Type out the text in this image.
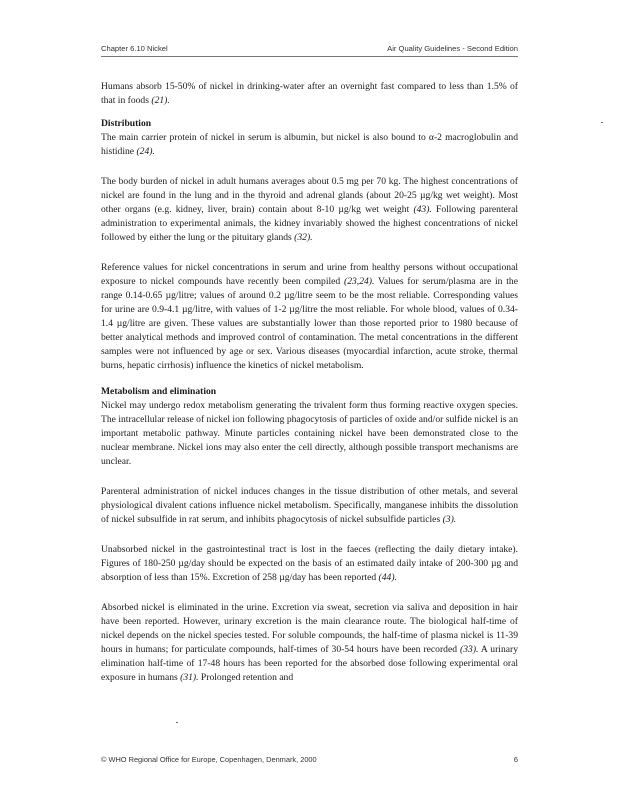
Chapter 6.10 Nickel	Air Quality Guidelines - Second Edition

Humans absorb 15-50% of nickel in drinking-water after an overnight fast compared to less than 1.5% of that in foods (21).

Distribution

The main carrier protein of nickel in serum is albumin, but nickel is also bound to α-2 macroglobulin and histidine (24).

The body burden of nickel in adult humans averages about 0.5 mg per 70 kg. The highest concentrations of nickel are found in the lung and in the thyroid and adrenal glands (about 20-25 µg/kg wet weight). Most other organs (e.g. kidney, liver, brain) contain about 8-10 µg/kg wet weight (43). Following parenteral administration to experimental animals, the kidney invariably showed the highest concentrations of nickel followed by either the lung or the pituitary glands (32).

Reference values for nickel concentrations in serum and urine from healthy persons without occupational exposure to nickel compounds have recently been compiled (23,24). Values for serum/plasma are in the range 0.14-0.65 µg/litre; values of around 0.2 µg/litre seem to be the most reliable. Corresponding values for urine are 0.9-4.1 µg/litre, with values of 1-2 µg/litre the most reliable. For whole blood, values of 0.34-1.4 µg/litre are given. These values are substantially lower than those reported prior to 1980 because of better analytical methods and improved control of contamination. The metal concentrations in the different samples were not influenced by age or sex. Various diseases (myocardial infarction, acute stroke, thermal burns, hepatic cirrhosis) influence the kinetics of nickel metabolism.

Metabolism and elimination

Nickel may undergo redox metabolism generating the trivalent form thus forming reactive oxygen species. The intracellular release of nickel ion following phagocytosis of particles of oxide and/or sulfide nickel is an important metabolic pathway. Minute particles containing nickel have been demonstrated close to the nuclear membrane. Nickel ions may also enter the cell directly, although possible transport mechanisms are unclear.

Parenteral administration of nickel induces changes in the tissue distribution of other metals, and several physiological divalent cations influence nickel metabolism. Specifically, manganese inhibits the dissolution of nickel subsulfide in rat serum, and inhibits phagocytosis of nickel subsulfide particles (3).

Unabsorbed nickel in the gastrointestinal tract is lost in the faeces (reflecting the daily dietary intake). Figures of 180-250 µg/day should be expected on the basis of an estimated daily intake of 200-300 µg and absorption of less than 15%. Excretion of 258 µg/day has been reported (44).

Absorbed nickel is eliminated in the urine. Excretion via sweat, secretion via saliva and deposition in hair have been reported. However, urinary excretion is the main clearance route. The biological half-time of nickel depends on the nickel species tested. For soluble compounds, the half-time of plasma nickel is 11-39 hours in humans; for particulate compounds, half-times of 30-54 hours have been recorded (33). A urinary elimination half-time of 17-48 hours has been reported for the absorbed dose following experimental oral exposure in humans (31). Prolonged retention and

© WHO Regional Office for Europe, Copenhagen, Denmark, 2000	6
